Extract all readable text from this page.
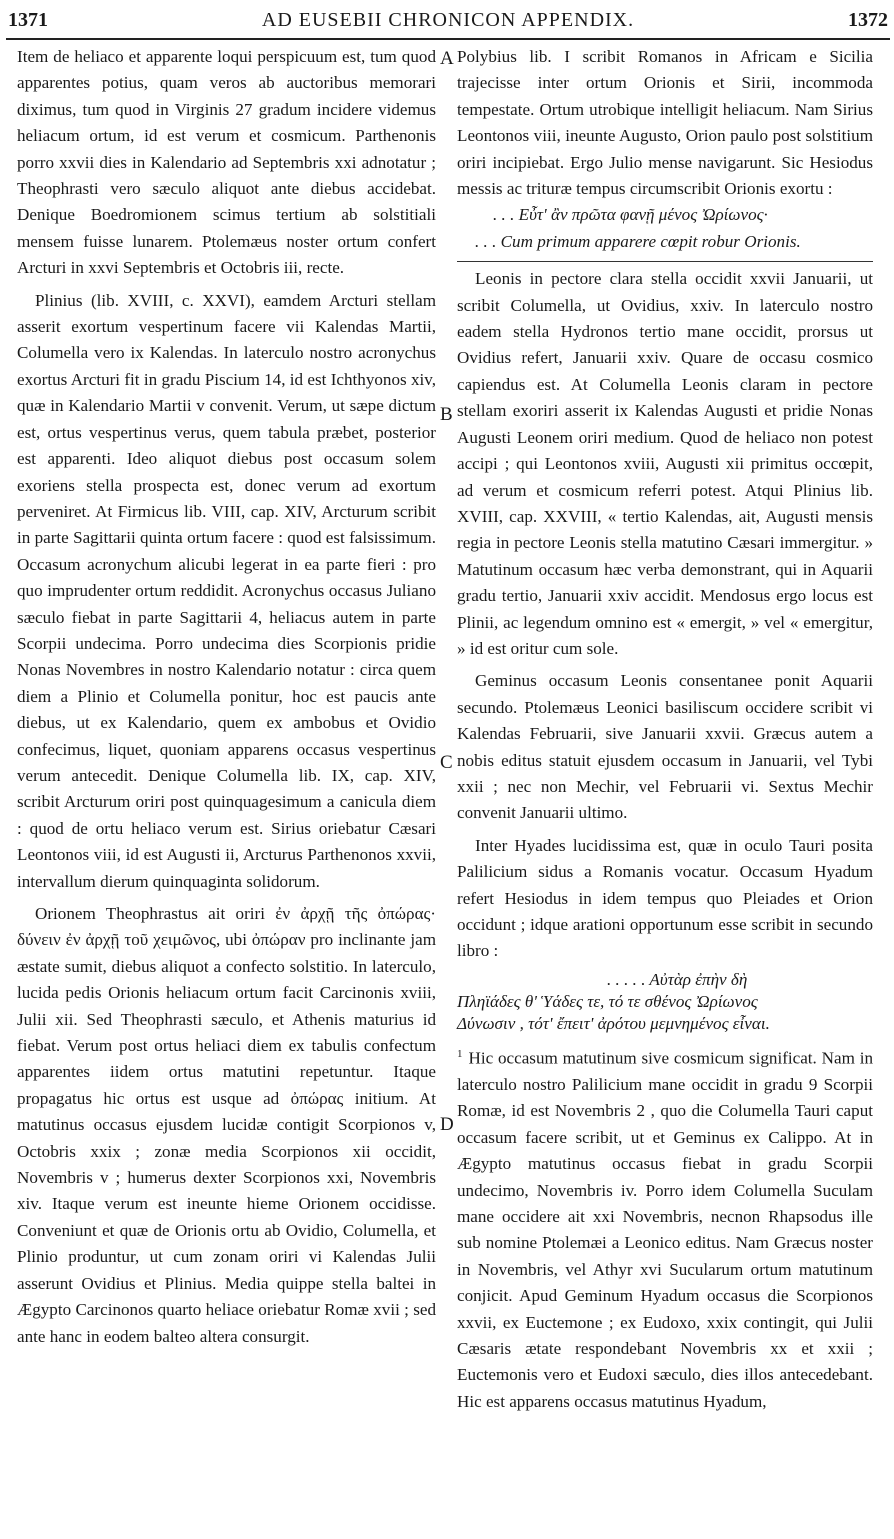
1371	AD EUSEBII CHRONICON APPENDIX.	1372
A
B
C
D

Item de heliaco et apparente loqui perspicuum est, tum quod apparentes potius, quam veros ab auctoribus memorari diximus, tum quod in Virginis 27 gradum incidere videmus heliacum ortum, id est verum et cosmicum. Parthenonis porro xxvii dies in Kalendario ad Septembris xxi adnotatur ; Theophrasti vero sæculo aliquot ante diebus accidebat. Denique Boedromionem scimus tertium ab solstitiali mensem fuisse lunarem. Ptolemæus noster ortum confert Arcturi in xxvi Septembris et Octobris iii, recte.

Plinius (lib. XVIII, c. XXVI), eamdem Arcturi stellam asserit exortum vespertinum facere vii Kalendas Martii, Columella vero ix Kalendas. In laterculo nostro acronychus exortus Arcturi fit in gradu Piscium 14, id est Ichthyonos xiv, quæ in Kalendario Martii v convenit. Verum, ut sæpe dictum est, ortus vespertinus verus, quem tabula præbet, posterior est apparenti. Ideo aliquot diebus post occasum solem exoriens stella prospecta est, donec verum ad exortum perveniret. At Firmicus lib. VIII, cap. XIV, Arcturum scribit in parte Sagittarii quinta ortum facere : quod est falsissimum. Occasum acronychum alicubi legerat in ea parte fieri : pro quo imprudenter ortum reddidit. Acronychus occasus Juliano sæculo fiebat in parte Sagittarii 4, heliacus autem in parte Scorpii undecima. Porro undecima dies Scorpionis pridie Nonas Novembres in nostro Kalendario notatur : circa quem diem a Plinio et Columella ponitur, hoc est paucis ante diebus, ut ex Kalendario, quem ex ambobus et Ovidio confecimus, liquet, quoniam apparens occasus vespertinus verum antecedit. Denique Columella lib. IX, cap. XIV, scribit Arcturum oriri post quinquagesimum a canicula diem : quod de ortu heliaco verum est. Sirius oriebatur Cæsari Leontonos viii, id est Augusti ii, Arcturus Parthenonos xxvii, intervallum dierum quinquaginta solidorum.

Orionem Theophrastus ait oriri ἐν ἀρχῇ τῆς ὀπώρας· δύνειν ἐν ἀρχῇ τοῦ χειμῶνος, ubi ὀπώραν pro inclinante jam æstate sumit, diebus aliquot a confecto solstitio. In laterculo, lucida pedis Orionis heliacum ortum facit Carcinonis xviii, Julii xii. Sed Theophrasti sæculo, et Athenis maturius id fiebat. Verum post ortus heliaci diem ex tabulis confectum apparentes iidem ortus matutini repetuntur. Itaque propagatus hic ortus est usque ad ὀπώρας initium. At matutinus occasus ejusdem lucidæ contigit Scorpionos v, Octobris xxix ; zonæ media Scorpionos xii occidit, Novembris v ; humerus dexter Scorpionos xxi, Novembris xiv. Itaque verum est ineunte hieme Orionem occidisse. Conveniunt et quæ de Orionis ortu ab Ovidio, Columella, et Plinio produntur, ut cum zonam oriri vi Kalendas Julii asserunt Ovidius et Plinius. Media quippe stella baltei in Ægypto Carcinonos quarto heliace oriebatur Romæ xvii ; sed ante hanc in eodem balteo altera consurgit.

Polybius lib. I scribit Romanos in Africam e Sicilia trajecisse inter ortum Orionis et Sirii, incommoda tempestate. Ortum utrobique intelligit heliacum. Nam Sirius Leontonos viii, ineunte Augusto, Orion paulo post solstitium oriri incipiebat. Ergo Julio mense navigarunt. Sic Hesiodus messis ac trituræ tempus circumscribit Orionis exortu :

. . . Εὖτ' ἂν πρῶτα φανῇ μένος Ὠρίωνος·

. . . Cum primum apparere cœpit robur Orionis.

Leonis in pectore clara stella occidit xxvii Januarii, ut scribit Columella, ut Ovidius, xxiv. In laterculo nostro eadem stella Hydronos tertio mane occidit, prorsus ut Ovidius refert, Januarii xxiv. Quare de occasu cosmico capiendus est. At Columella Leonis claram in pectore stellam exoriri asserit ix Kalendas Augusti et pridie Nonas Augusti Leonem oriri medium. Quod de heliaco non potest accipi ; qui Leontonos xviii, Augusti xii primitus occœpit, ad verum et cosmicum referri potest. Atqui Plinius lib. XVIII, cap. XXVIII, « tertio Kalendas, ait, Augusti mensis regia in pectore Leonis stella matutino Cæsari immergitur. » Matutinum occasum hæc verba demonstrant, qui in Aquarii gradu tertio, Januarii xxiv accidit. Mendosus ergo locus est Plinii, ac legendum omnino est « emergit, » vel « emergitur, » id est oritur cum sole.

Geminus occasum Leonis consentanee ponit Aquarii secundo. Ptolemæus Leonici basiliscum occidere scribit vi Kalendas Februarii, sive Januarii xxvii. Græcus autem a nobis editus statuit ejusdem occasum in Januarii, vel Tybi xxii ; nec non Mechir, vel Februarii vi. Sextus Mechir convenit Januarii ultimo.

Inter Hyades lucidissima est, quæ in oculo Tauri posita Palilicium sidus a Romanis vocatur. Occasum Hyadum refert Hesiodus in idem tempus quo Pleiades et Orion occidunt ; idque arationi opportunum esse scribit in secundo libro :

. . . . . Αὐτὰρ ἐπὴν δὴ
Πληϊάδες θ' Ὑάδες τε, τό τε σθένος Ὠρίωνος
Δύνωσιν , τότ' ἔπειτ' ἀρότου μεμνημένος εἶναι.
$^1$ Hic occasum matutinum sive cosmicum significat. Nam in laterculo nostro Palilicium mane occidit in gradu 9 Scorpii Romæ, id est Novembris 2 , quo die Columella Tauri caput occasum facere scribit, ut et Geminus ex Calippo. At in Ægypto matutinus occasus fiebat in gradu Scorpii undecimo, Novembris iv. Porro idem Columella Suculam mane occidere ait xxi Novembris, necnon Rhapsodus ille sub nomine Ptolemæi a Leonico editus. Nam Græcus noster in Novembris, vel Athyr xvi Sucularum ortum matutinum conjicit. Apud Geminum Hyadum occasus die Scorpionos xxvii, ex Euctemone ; ex Eudoxo, xxix contingit, qui Julii Cæsaris ætate respondebant Novembris xx et xxii ; Euctemonis vero et Eudoxi sæculo, dies illos antecedebant. Hic est apparens occasus matutinus Hyadum,
